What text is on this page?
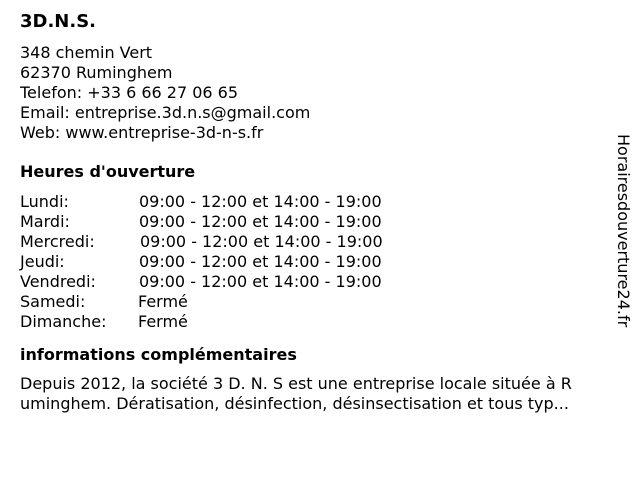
3D.N.S.
348 chemin Vert
62370 Ruminghem
Telefon: +33 6 66 27 06 65
Email: entreprise.3d.n.s@gmail.com
Web: www.entreprise-3d-n-s.fr
Heures d'ouverture
Lundi:	09:00 - 12:00 et 14:00 - 19:00
Mardi:	09:00 - 12:00 et 14:00 - 19:00
Mercredi:	09:00 - 12:00 et 14:00 - 19:00
Jeudi:	09:00 - 12:00 et 14:00 - 19:00
Vendredi:	09:00 - 12:00 et 14:00 - 19:00
Samedi:	Fermé
Dimanche: Fermé
informations complémentaires
Depuis 2012, la société 3 D. N. S est une entreprise locale située à R
uminghem. Dératisation, désinfection, désinsectisation et tous typ...
Horairesdouverture24.fr
